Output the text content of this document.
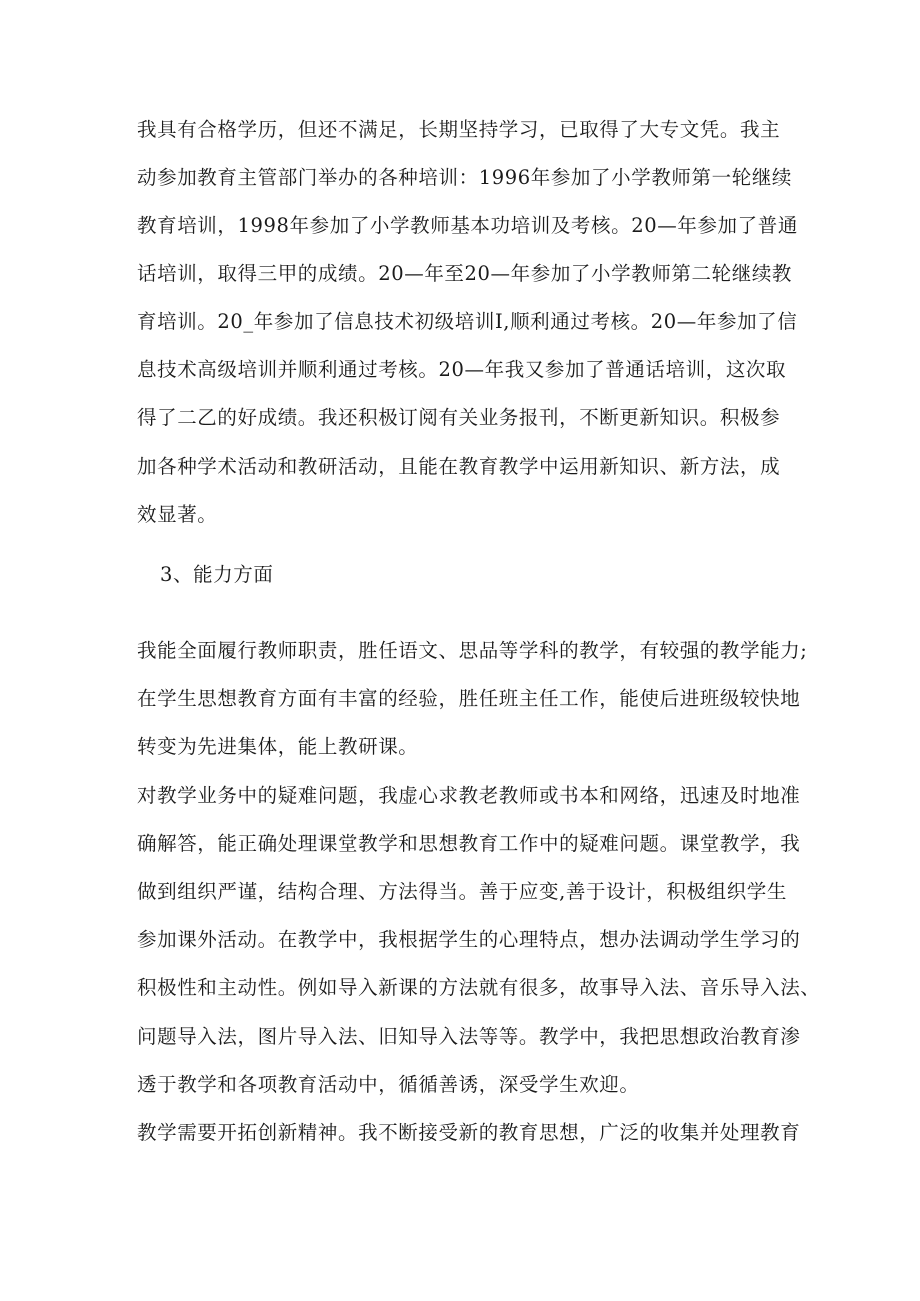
我具有合格学历，但还不满足，长期坚持学习，已取得了大专文凭。我主
动参加教育主管部门举办的各种培训：1996年参加了小学教师第一轮继续
教育培训，1998年参加了小学教师基本功培训及考核。20—年参加了普通
话培训，取得三甲的成绩。20—年至20—年参加了小学教师第二轮继续教
育培训。20_年参加了信息技术初级培训I,顺利通过考核。20—年参加了信
息技术高级培训并顺利通过考核。20—年我又参加了普通话培训，这次取
得了二乙的好成绩。我还积极订阅有关业务报刊，不断更新知识。积极参
加各种学术活动和教研活动，且能在教育教学中运用新知识、新方法，成
效显著。
3、能力方面
我能全面履行教师职责，胜任语文、思品等学科的教学，有较强的教学能力;
在学生思想教育方面有丰富的经验，胜任班主任工作，能使后进班级较快地
转变为先进集体，能上教研课。
对教学业务中的疑难问题，我虚心求教老教师或书本和网络，迅速及时地准
确解答，能正确处理课堂教学和思想教育工作中的疑难问题。课堂教学，我
做到组织严谨，结构合理、方法得当。善于应变,善于设计，积极组织学生
参加课外活动。在教学中，我根据学生的心理特点，想办法调动学生学习的
积极性和主动性。例如导入新课的方法就有很多，故事导入法、音乐导入法、
问题导入法，图片导入法、旧知导入法等等。教学中，我把思想政治教育渗
透于教学和各项教育活动中，循循善诱，深受学生欢迎。
教学需要开拓创新精神。我不断接受新的教育思想，广泛的收集并处理教育
